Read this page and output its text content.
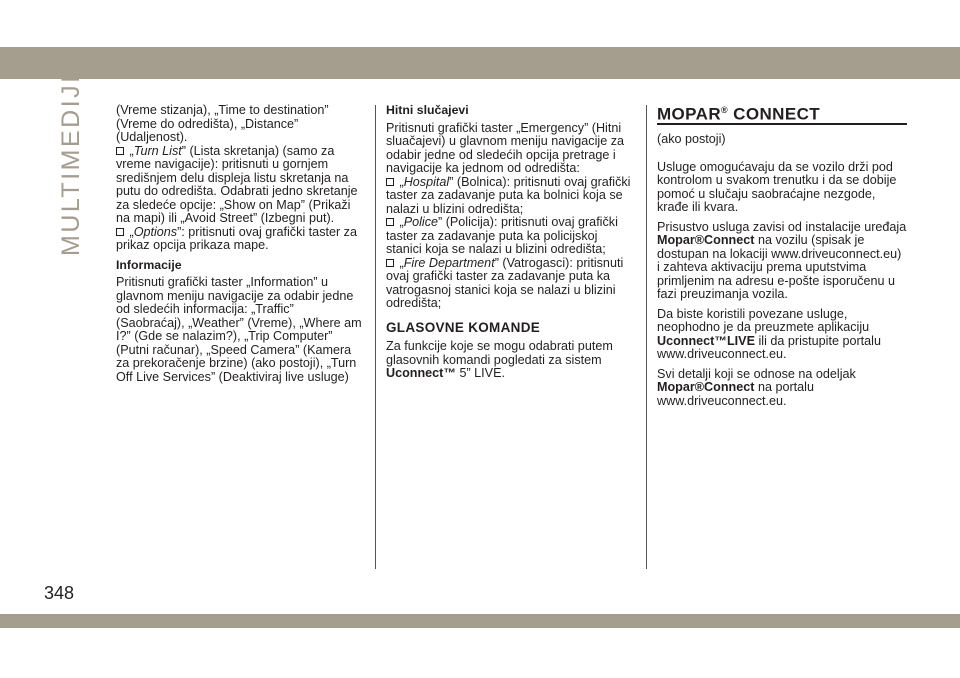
MULTIMEDIJI (Vreme stizanja), „Time to destination” (Vreme do odredišta), „Distance” (Udaljenost).

„Turn List” (Lista skretanja) (samo za vreme navigacije): pritisnuti u gornjem središnjem delu displeja listu skretanja na putu do odredišta. Odabrati jedno skretanje za sledeće opcije: „Show on Map” (Prikaži na mapi) ili „Avoid Street” (Izbegni put).

„Options”: pritisnuti ovaj grafički taster za prikaz opcija prikaza mape.

Informacije

Pritisnuti grafički taster „Information” u glavnom meniju navigacije za odabir jedne od sledećih informacija: „Traffic” (Saobraćaj), „Weather” (Vreme), „Where am I?” (Gde se nalazim?), „Trip Computer” (Putni računar), „Speed Camera” (Kamera za prekoračenje brzine) (ako postoji), „Turn Off Live Services” (Deaktiviraj live usluge)

Hitni slučajevi

Pritisnuti grafički taster „Emergency” (Hitni sluačajevi) u glavnom meniju navigacije za odabir jedne od sledećih opcija pretrage i navigacije ka jednom od odredišta:

„Hospital” (Bolnica): pritisnuti ovaj grafički taster za zadavanje puta ka bolnici koja se nalazi u blizini odredišta;

„Police” (Policija): pritisnuti ovaj grafički taster za zadavanje puta ka policijskoj stanici koja se nalazi u blizini odredišta;

„Fire Department” (Vatrogasci): pritisnuti ovaj grafički taster za zadavanje puta ka vatrogasnoj stanici koja se nalazi u blizini odredišta;

GLASOVNE KOMANDE

Za funkcije koje se mogu odabrati putem glasovnih komandi pogledati za sistem Uconnect™ 5” LIVE.

MOPAR® CONNECT

(ako postoji)

Usluge omogućavaju da se vozilo drži pod kontrolom u svakom trenutku i da se dobije pomoć u slučaju saobraćajne nezgode, krađe ili kvara.

Prisustvo usluga zavisi od instalacije uređaja Mopar®Connect na vozilu (spisak je dostupan na lokaciji www.driveuconnect.eu) i zahteva aktivaciju prema uputstvima primljenim na adresu e-pošte isporučenu u fazi preuzimanja vozila.

Da biste koristili povezane usluge, neophodno je da preuzmete aplikaciju Uconnect™LIVE ili da pristupite portalu www.driveuconnect.eu.

Svi detalji koji se odnose na odeljak Mopar®Connect na portalu www.driveuconnect.eu.

348
